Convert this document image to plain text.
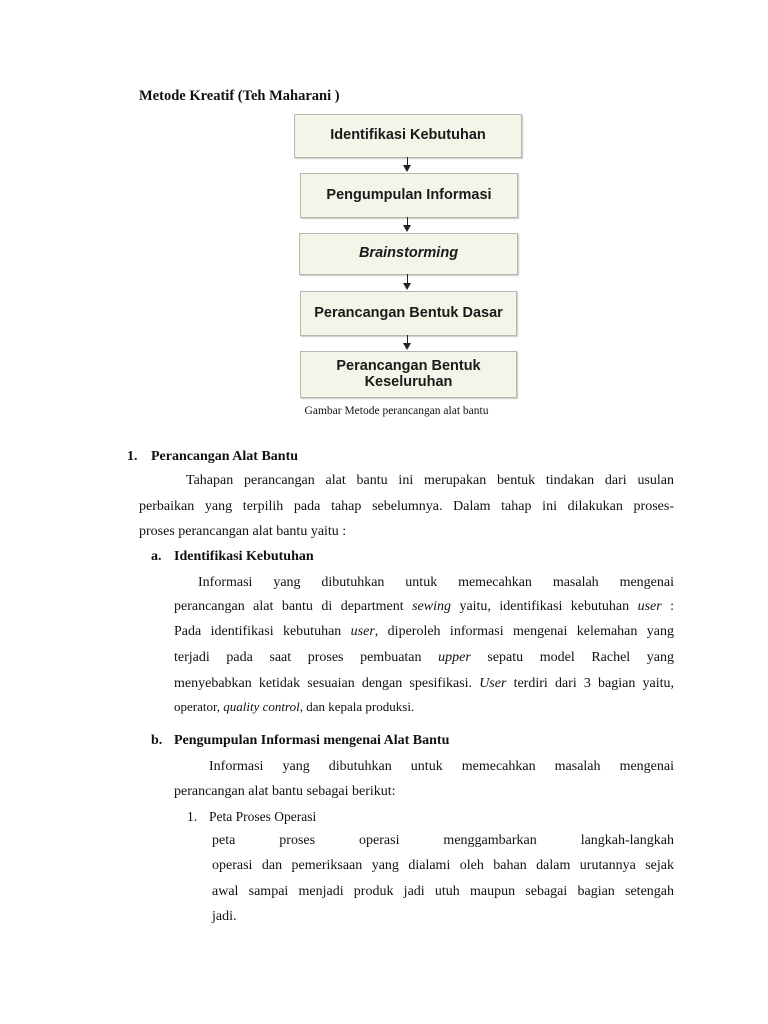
Metode Kreatif (Teh Maharani )
Identifikasi Kebutuhan
Pengumpulan Informasi
Brainstorming
Perancangan Bentuk Dasar
Perancangan Bentuk
Keseluruhan
Gambar Metode perancangan alat bantu
1. Perancangan Alat Bantu
Tahapan perancangan alat bantu ini merupakan bentuk tindakan dari usulan
perbaikan yang terpilih pada tahap sebelumnya. Dalam tahap ini dilakukan proses-
proses perancangan alat bantu yaitu :
a. Identifikasi Kebutuhan
Informasi yang dibutuhkan untuk memecahkan masalah mengenai
perancangan alat bantu di department sewing yaitu, identifikasi kebutuhan user :
Pada identifikasi kebutuhan user, diperoleh informasi mengenai kelemahan yang
terjadi pada saat proses pembuatan upper sepatu model Rachel yang
menyebabkan ketidak sesuaian dengan spesifikasi. User terdiri dari 3 bagian yaitu,
operator, quality control, dan kepala produksi.
b. Pengumpulan Informasi mengenai Alat Bantu
Informasi yang dibutuhkan untuk memecahkan masalah mengenai
perancangan alat bantu sebagai berikut:
1. Peta Proses Operasi
peta proses operasi menggambarkan langkah-langkah
operasi dan pemeriksaan yang dialami oleh bahan dalam urutannya sejak
awal sampai menjadi produk jadi utuh maupun sebagai bagian setengah
jadi.
